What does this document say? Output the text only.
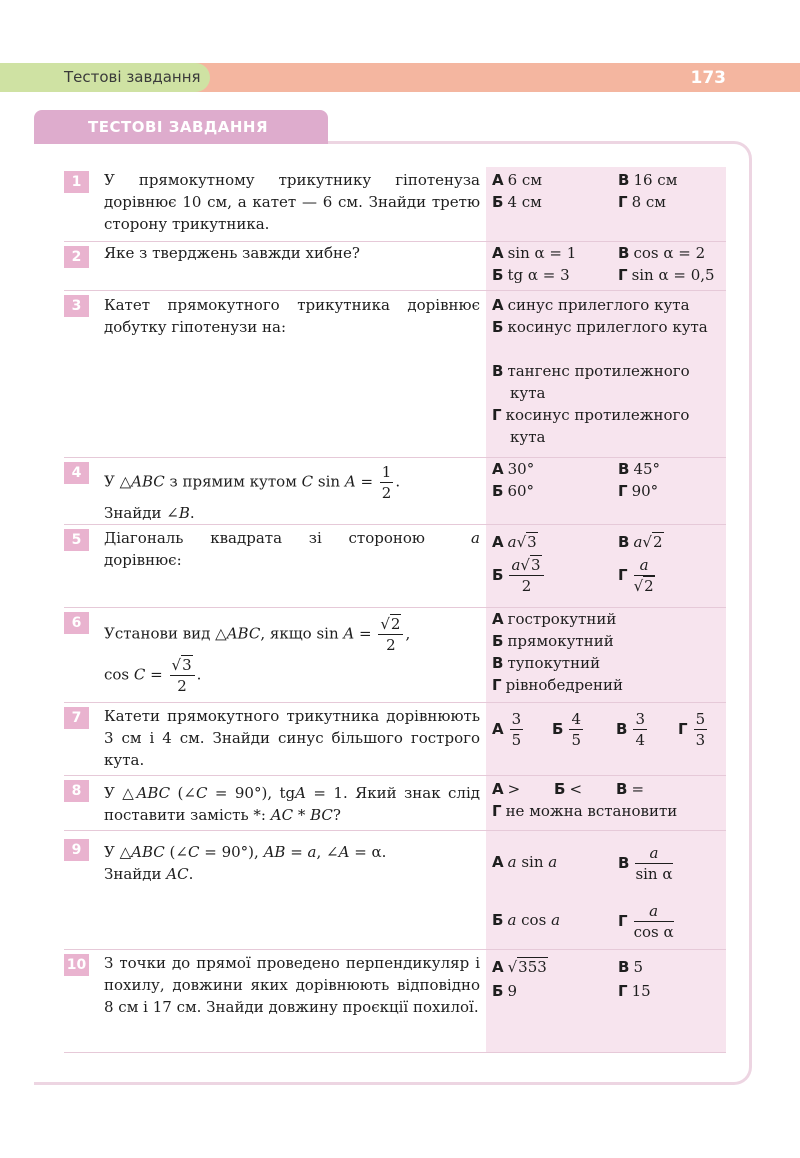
173
Тестові завдання
ТЕСТОВІ ЗАВДАННЯ
1	У прямокутному трикутнику гіпотенуза дорівнює 10 см, а катет — 6 см. Знайди третю сторону трикутника.
А 6 см
Б 4 см
В 16 см
Г 8 см
2	Яке з тверджень завжди хибне?	А sin α = 1
Б tg α = 3
В cos α = 2
Г sin α = 0,5
3	Катет прямокутного трикутника дорівнює добутку гіпотенузи на:
А синус прилеглого кута
Б косинус прилеглого кута
В тангенс протилежного кута
Г косинус протилежного кута
4	У △ABC з прямим кутом C $\sin A = \frac{1}{2}$ .
Знайди ∠B.
А 30°
Б 60°
В 45°
Г 90°
5	Діагональ квадрата зі стороною	a
дорівнює:
А a√3
Б $\frac{a√3}{2}$
В a√2
Г $\frac{a}{√2}$
6
Установи вид △ABC, якщо $\sin A = \frac{√2}{2}$ ,
$\cos C = \frac{√3}{2}$ .
А гострокутний
Б прямокутний
В тупокутний
Г рівнобедрений
7	Катети прямокутного трикутника дорівнюють 3 см і 4 см. Знайди синус більшого гострого кута.
А $\frac{3}{5}$ Б $\frac{4}{5}$ В $\frac{3}{4}$ Г $\frac{5}{3}$
8	У △ABC (∠C = 90°), tgA = 1. Який знак слід поставити замість *: AC * BC?
А > Б < В =
Г не можна встановити
9	У △ABC (∠C = 90°), AB = a, ∠A = α.
Знайди AC.
А a sin a
Б a cos a
В $\frac{a}{\text{sin α}}$
Г $\frac{a}{\text{cos α}}$
10 З точки до прямої проведено перпендикуляр і похилу, довжини яких дорівнюють відповідно 8 см і 17 см. Знайди довжину проєкції похилої.
А √353
Б 9
В 5
Г 15
